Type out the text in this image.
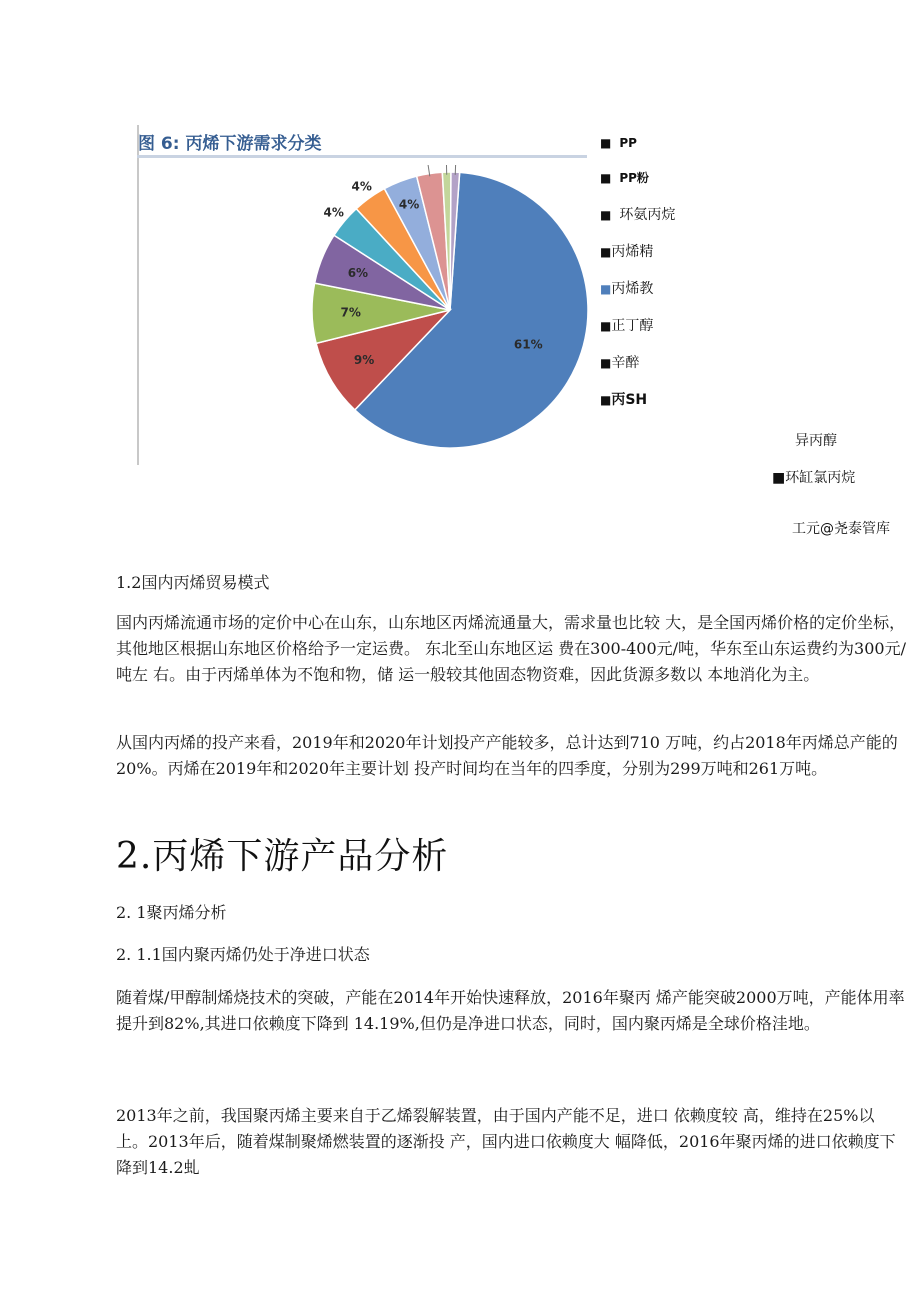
图 6: 丙烯下游需求分类
61%
9%
7%
6%
4%
4%
4%
■ PP
■ PP粉
■ 环氨丙烷
■丙烯精
■丙烯教
■正丁醇
■辛醉
■丙SH
异丙醇
■环缸氯丙烷
工元@尧泰管库
1.2国内丙烯贸易模式
国内丙烯流通市场的定价中心在山东，山东地区丙烯流通量大，需求量也比较 大，是全国丙烯价格的定价坐标，其他地区根据山东地区价格给予一定运费。 东北至山东地区运 费在300-400元/吨，华东至山东运费约为300元/吨左 右。由于丙烯单体为不饱和物，储 运一般较其他固态物资难，因此货源多数以 本地消化为主。
从国内丙烯的投产来看，2019年和2020年计划投产产能较多，总计达到710 万吨，约占2018年丙烯总产能的20%。丙烯在2019年和2020年主要计划 投产时间均在当年的四季度，分别为299万吨和261万吨。
2.丙烯下游产品分析
2. 1聚丙烯分析
2. 1.1国内聚丙烯仍处于净进口状态
随着煤/甲醇制烯烧技术的突破，产能在2014年开始快速释放，2016年聚丙 烯产能突破2000万吨，产能体用率提升到82%,其进口依赖度下降到 14.19%,但仍是净进口状态，同时，国内聚丙烯是全球价格洼地。
2013年之前，我国聚丙烯主要来自于乙烯裂解装置，由于国内产能不足，进口 依赖度较 高，维持在25%以上。2013年后，随着煤制聚烯燃装置的逐渐投 产，国内进口依赖度大 幅降低，2016年聚丙烯的进口依赖度下降到14.2虬
